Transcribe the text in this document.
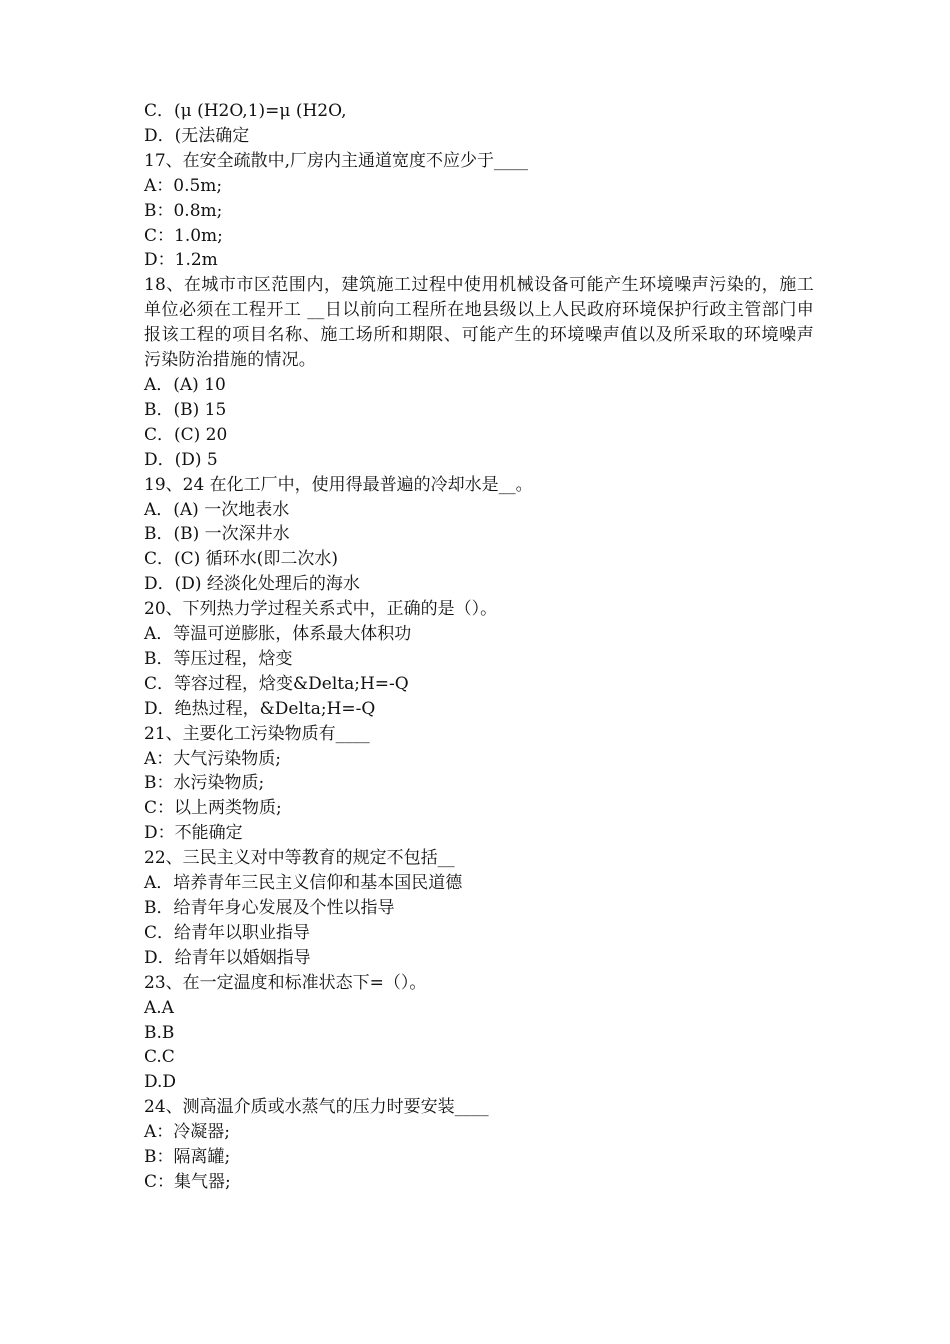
C．(μ (H2O,1)=μ (H2O,

D．(无法确定

17、在安全疏散中,厂房内主通道宽度不应少于____

A：0.5m;

B：0.8m;

C：1.0m;

D：1.2m

18、在城市市区范围内，建筑施工过程中使用机械设备可能产生环境噪声污染的，施工单位必须在工程开工 __日以前向工程所在地县级以上人民政府环境保护行政主管部门申报该工程的项目名称、施工场所和期限、可能产生的环境噪声值以及所采取的环境噪声污染防治措施的情况。

A．(A) 10

B．(B) 15

C．(C) 20

D．(D) 5

19、24 在化工厂中，使用得最普遍的冷却水是__。

A．(A) 一次地表水

B．(B) 一次深井水

C．(C) 循环水(即二次水)

D．(D) 经淡化处理后的海水

20、下列热力学过程关系式中，正确的是（）。

A．等温可逆膨胀，体系最大体积功

B．等压过程，焓变

C．等容过程，焓变&Delta;H=-Q

D．绝热过程，&Delta;H=-Q

21、主要化工污染物质有____

A：大气污染物质;

B：水污染物质;

C：以上两类物质;

D：不能确定

22、三民主义对中等教育的规定不包括__

A．培养青年三民主义信仰和基本国民道德

B．给青年身心发展及个性以指导

C．给青年以职业指导

D．给青年以婚姻指导

23、在一定温度和标准状态下=（）。

A.A

B.B

C.C

D.D

24、测高温介质或水蒸气的压力时要安装____

A：冷凝器;

B：隔离罐;

C：集气器;
